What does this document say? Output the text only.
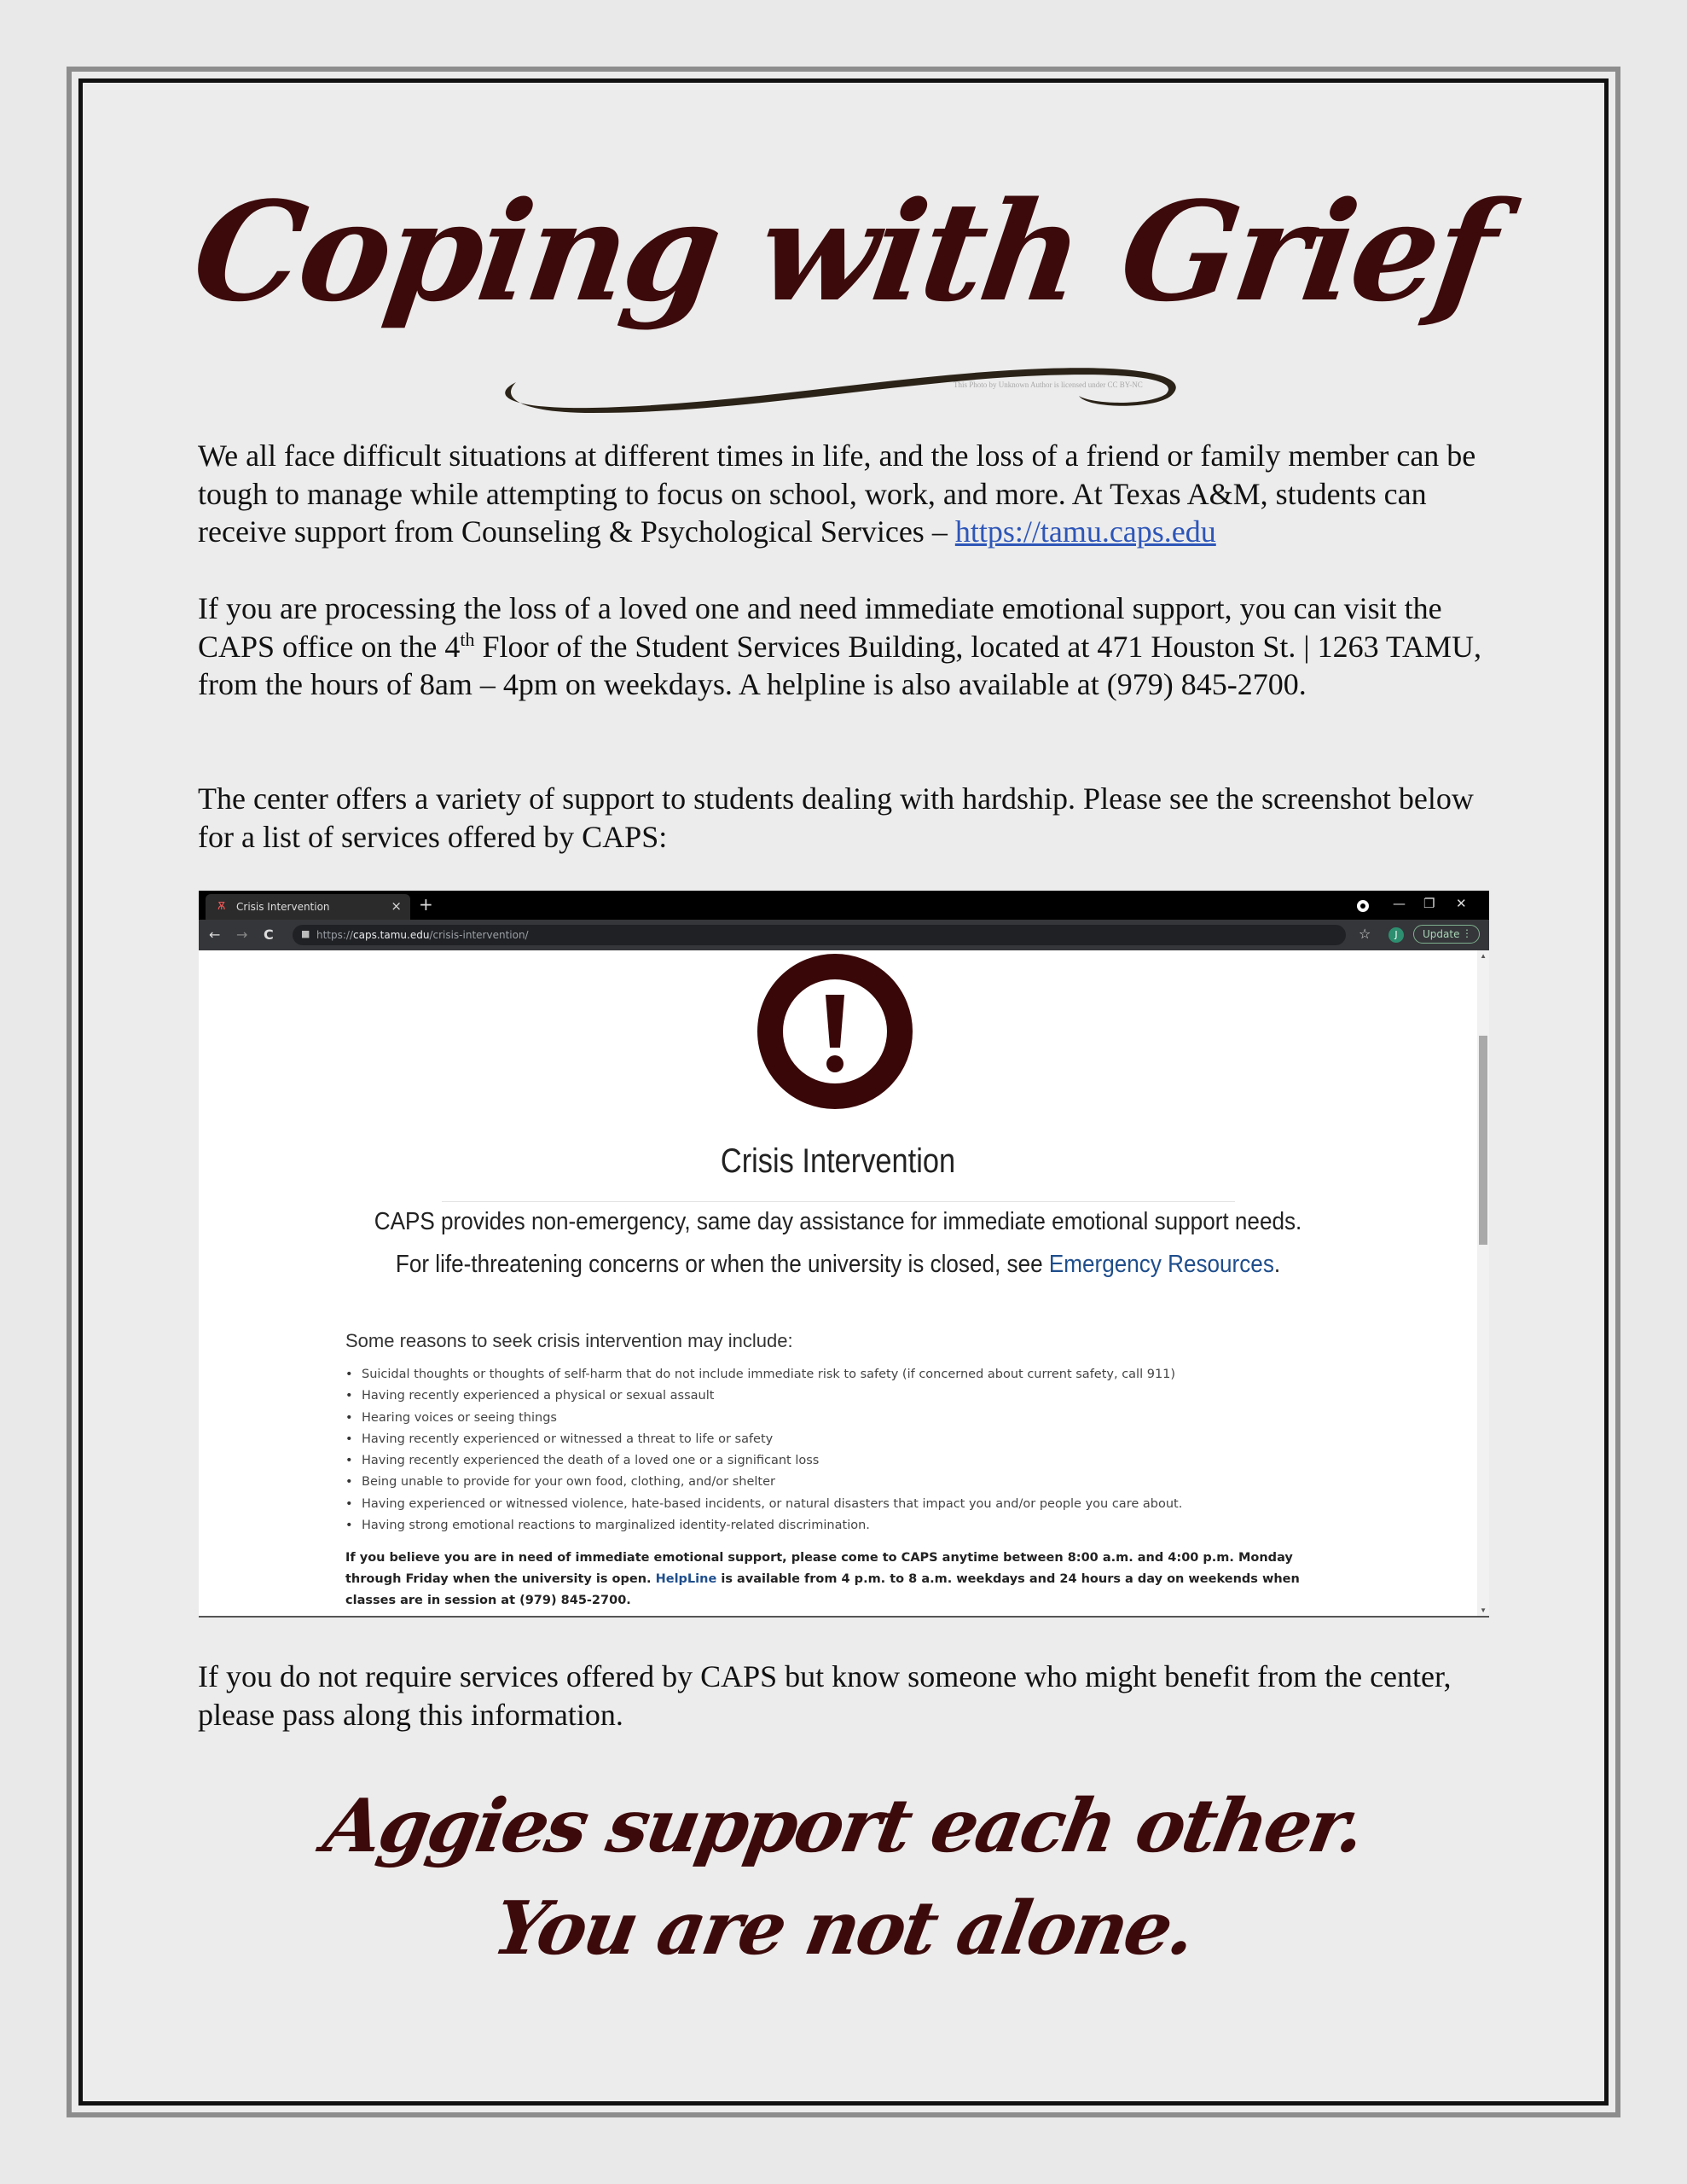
Coping with Grief
This Photo by Unknown Author is licensed under CC BY-NC

We all face difficult situations at different times in life, and the loss of a friend or family member can be tough to manage while attempting to focus on school, work, and more. At Texas A&M, students can receive support from Counseling & Psychological Services – https://tamu.caps.edu

If you are processing the loss of a loved one and need immediate emotional support, you can visit the CAPS office on the 4th Floor of the Student Services Building, located at 471 Houston St. | 1263 TAMU, from the hours of 8am – 4pm on weekdays. A helpline is also available at (979) 845-2700.

The center offers a variety of support to students dealing with hardship. Please see the screenshot below for a list of services offered by CAPS:

Ѫ	Crisis Intervention	× +	— ❐ ✕
← → C	■ https://caps.tamu.edu/crisis-intervention/	☆	J	Update ⋮
▲
▼
Crisis Intervention
CAPS provides non-emergency, same day assistance for immediate emotional support needs.
For life-threatening concerns or when the university is closed, see Emergency Resources.
Some reasons to seek crisis intervention may include:
• Suicidal thoughts or thoughts of self-harm that do not include immediate risk to safety (if concerned about current safety, call 911)
• Having recently experienced a physical or sexual assault
• Hearing voices or seeing things
• Having recently experienced or witnessed a threat to life or safety
• Having recently experienced the death of a loved one or a significant loss
• Being unable to provide for your own food, clothing, and/or shelter
• Having experienced or witnessed violence, hate-based incidents, or natural disasters that impact you and/or people you care about.
• Having strong emotional reactions to marginalized identity-related discrimination.
If you believe you are in need of immediate emotional support, please come to CAPS anytime between 8:00 a.m. and 4:00 p.m. Monday through Friday when the university is open. HelpLine is available from 4 p.m. to 8 a.m. weekdays and 24 hours a day on weekends when classes are in session at (979) 845-2700.

If you do not require services offered by CAPS but know someone who might benefit from the center, please pass along this information.

Aggies support each other.
You are not alone.
